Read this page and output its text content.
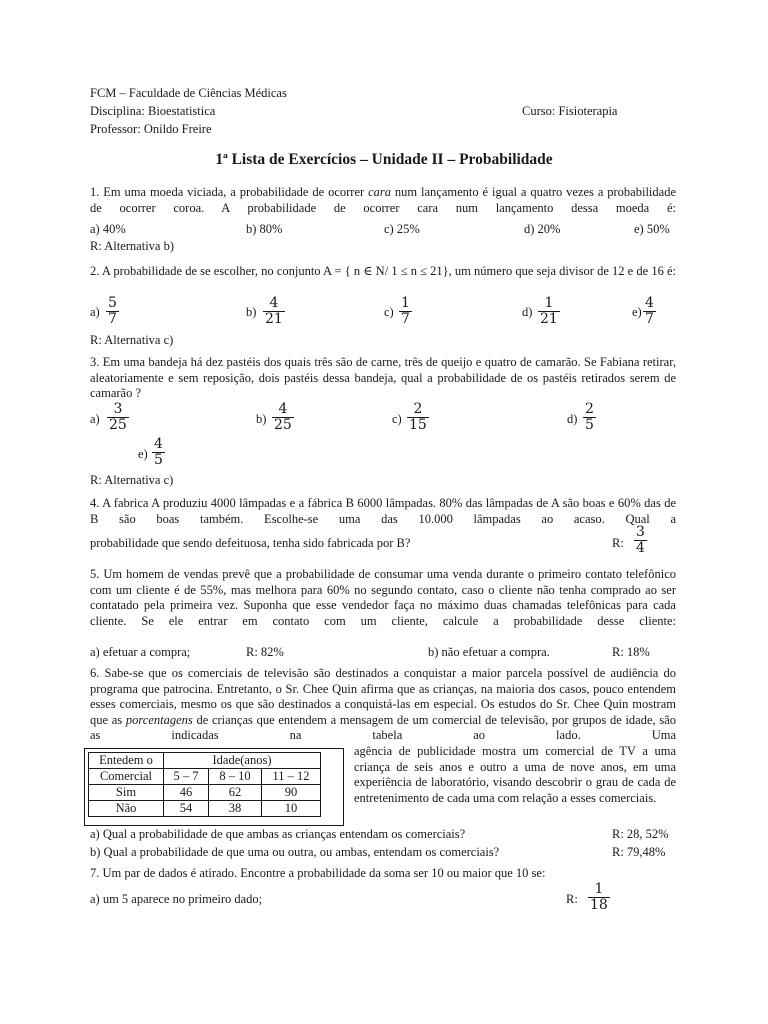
FCM – Faculdade de Ciências Médicas
Disciplina: Bioestatistica	Curso: Fisioterapia
Professor: Onildo Freire
1ª Lista de Exercícios – Unidade II – Probabilidade
1. Em uma moeda viciada, a probabilidade de ocorrer cara num lançamento é igual a quatro vezes a probabilidade de ocorrer coroa. A probabilidade de ocorrer cara num lançamento dessa moeda é:
a) 40%	b) 80%	c) 25%	d) 20%	e) 50%
R: Alternativa b)
2. A probabilidade de se escolher, no conjunto A = { n ∈ N/ 1 ≤ n ≤ 21}, um número que seja divisor de 12 e de 16 é:
$a) \frac{5}{7}$	$b) \frac{4}{21}$	$c) \frac{1}{7}$	$d) \frac{1}{21}$	$e) \frac{4}{7}$
R: Alternativa c)
3. Em uma bandeja há dez pastéis dos quais três são de carne, três de queijo e quatro de camarão. Se Fabiana retirar, aleatoriamente e sem reposição, dois pastéis dessa bandeja, qual a probabilidade de os pastéis retirados serem de camarão ?
$a) \frac{3}{25}$	$b) \frac{4}{25}$	$c) \frac{2}{15}$	$d) \frac{2}{5}$
$e) \frac{4}{5}$
R: Alternativa c)
4. A fabrica A produziu 4000 lâmpadas e a fábrica B 6000 lâmpadas. 80% das lâmpadas de A são boas e 60% das de B são boas também. Escolhe-se uma das 10.000 lâmpadas ao acaso. Qual a
probabilidade que sendo defeituosa, tenha sido fabricada por B?	R: $\frac{3}{4}$
5. Um homem de vendas prevê que a probabilidade de consumar uma venda durante o primeiro contato telefônico com um cliente é de 55%, mas melhora para 60% no segundo contato, caso o cliente não tenha comprado ao ser contatado pela primeira vez. Suponha que esse vendedor faça no máximo duas chamadas telefônicas para cada cliente. Se ele entrar em contato com um cliente, calcule a probabilidade desse cliente:
a) efetuar a compra;	R: 82%	b) não efetuar a compra.	R: 18%
6. Sabe-se que os comerciais de televisão são destinados a conquistar a maior parcela possível de audiência do programa que patrocina. Entretanto, o Sr. Chee Quin afirma que as crianças, na maioria dos casos, pouco entendem esses comerciais, mesmo os que são destinados a conquistá-las em especial. Os estudos do Sr. Chee Quin mostram que as porcentagens de crianças que entendem a mensagem de um comercial de televisão, por grupos de idade, são as indicadas na tabela ao lado. Uma
agência de publicidade mostra um comercial de TV a uma criança de seis anos e outro a uma de nove anos, em uma experiência de laboratório, visando descobrir o grau de cada de entretenimento de cada uma com relação a esses comerciais.
Entedem o	Idade(anos)		
Comercial	5 – 7	8 – 10	11 – 12
Sim	46	62	90
Não	54	38	10
a) Qual a probabilidade de que ambas as crianças entendam os comerciais?	R: 28, 52%
b) Qual a probabilidade de que uma ou outra, ou ambas, entendam os comerciais?	R: 79,48%
7. Um par de dados é atirado. Encontre a probabilidade da soma ser 10 ou maior que 10 se:
a) um 5 aparece no primeiro dado;	R: $\frac{1}{18}$
